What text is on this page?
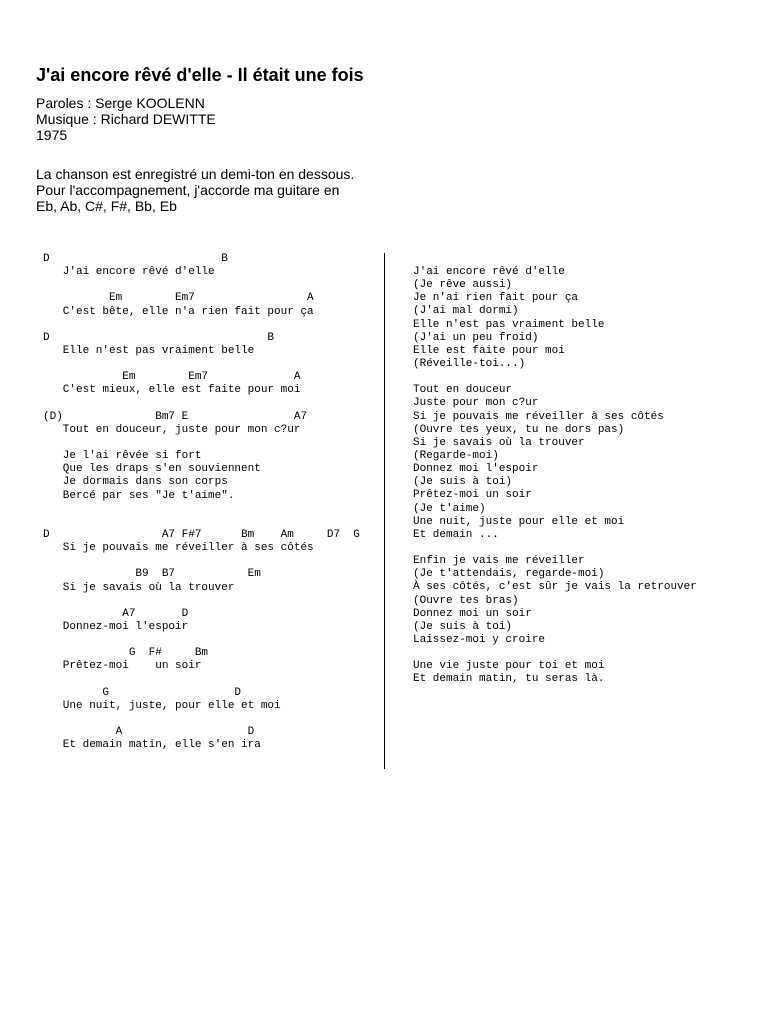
J'ai encore rêvé d'elle - Il était une fois
Paroles : Serge KOOLENN
Musique : Richard DEWITTE
1975
La chanson est enregistré un demi-ton en dessous.
Pour l'accompagnement, j'accorde ma guitare en
Eb, Ab, C#, F#, Bb, Eb
D                          B
J'ai encore rêvé d'elle
Em        Em7                 A
C'est bête, elle n'a rien fait pour ça
D                                 B
Elle n'est pas vraiment belle
Em        Em7             A
C'est mieux, elle est faite pour moi
(D)              Bm7 E                A7
Tout en douceur, juste pour mon c?ur
Je l'ai rêvée si fort
Que les draps s'en souviennent
Je dormais dans son corps
Bercé par ses "Je t'aime".
D                 A7 F#7      Bm    Am     D7  G
Si je pouvais me réveiller à ses côtés
B9  B7           Em
Si je savais où la trouver
A7       D
Donnez-moi l'espoir
G  F#     Bm
Prêtez-moi    un soir
G                   D
Une nuit, juste, pour elle et moi
A                   D
Et demain matin, elle s'en ira
J'ai encore rêvé d'elle
(Je rêve aussi)
Je n'ai rien fait pour ça
(J'ai mal dormi)
Elle n'est pas vraiment belle
(J'ai un peu froid)
Elle est faite pour moi
(Réveille-toi...)
Tout en douceur
Juste pour mon c?ur
Si je pouvais me réveiller à ses côtés
(Ouvre tes yeux, tu ne dors pas)
Si je savais où la trouver
(Regarde-moi)
Donnez moi l'espoir
(Je suis à toi)
Prêtez-moi un soir
(Je t'aime)
Une nuit, juste pour elle et moi
Et demain ...
Enfin je vais me réveiller
(Je t'attendais, regarde-moi)
À ses côtés, c'est sûr je vais la retrouver
(Ouvre tes bras)
Donnez moi un soir
(Je suis à toi)
Laissez-moi y croire
Une vie juste pour toi et moi
Et demain matin, tu seras là.
